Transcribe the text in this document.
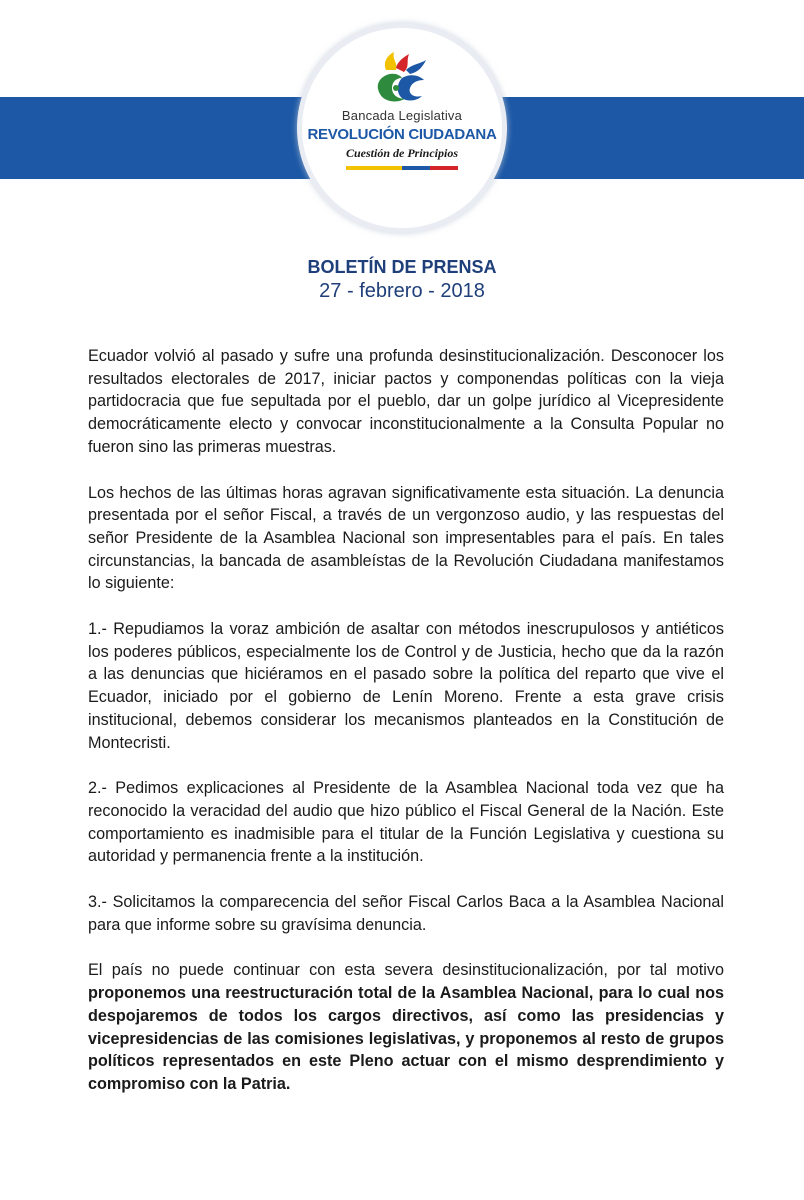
Bancada Legislativa
REVOLUCIÓN CIUDADANA
Cuestión de Principios
BOLETÍN DE PRENSA
27 - febrero - 2018

Ecuador volvió al pasado y sufre una profunda desinstitucionalización. Desconocer los resultados electorales de 2017, iniciar pactos y componendas políticas con la vieja partidocracia que fue sepultada por el pueblo, dar un golpe jurídico al Vicepresidente democráticamente electo y convocar inconstitucionalmente a la Consulta Popular no fueron sino las primeras muestras.

Los hechos de las últimas horas agravan significativamente esta situación. La denuncia presentada por el señor Fiscal, a través de un vergonzoso audio, y las respuestas del señor Presidente de la Asamblea Nacional son impresentables para el país. En tales circunstancias, la bancada de asambleístas de la Revolución Ciudadana manifestamos lo siguiente:

1.- Repudiamos la voraz ambición de asaltar con métodos inescrupulosos y antiéticos los poderes públicos, especialmente los de Control y de Justicia, hecho que da la razón a las denuncias que hiciéramos en el pasado sobre la política del reparto que vive el Ecuador, iniciado por el gobierno de Lenín Moreno. Frente a esta grave crisis institucional, debemos considerar los mecanismos planteados en la Constitución de Montecristi.

2.- Pedimos explicaciones al Presidente de la Asamblea Nacional toda vez que ha reconocido la veracidad del audio que hizo público el Fiscal General de la Nación. Este comportamiento es inadmisible para el titular de la Función Legislativa y cuestiona su autoridad y permanencia frente a la institución.

3.- Solicitamos la comparecencia del señor Fiscal Carlos Baca a la Asamblea Nacional para que informe sobre su gravísima denuncia.

El país no puede continuar con esta severa desinstitucionalización, por tal motivo proponemos una reestructuración total de la Asamblea Nacional, para lo cual nos despojaremos de todos los cargos directivos, así como las presidencias y vicepresidencias de las comisiones legislativas, y proponemos al resto de grupos políticos representados en este Pleno actuar con el mismo desprendimiento y compromiso con la Patria.
